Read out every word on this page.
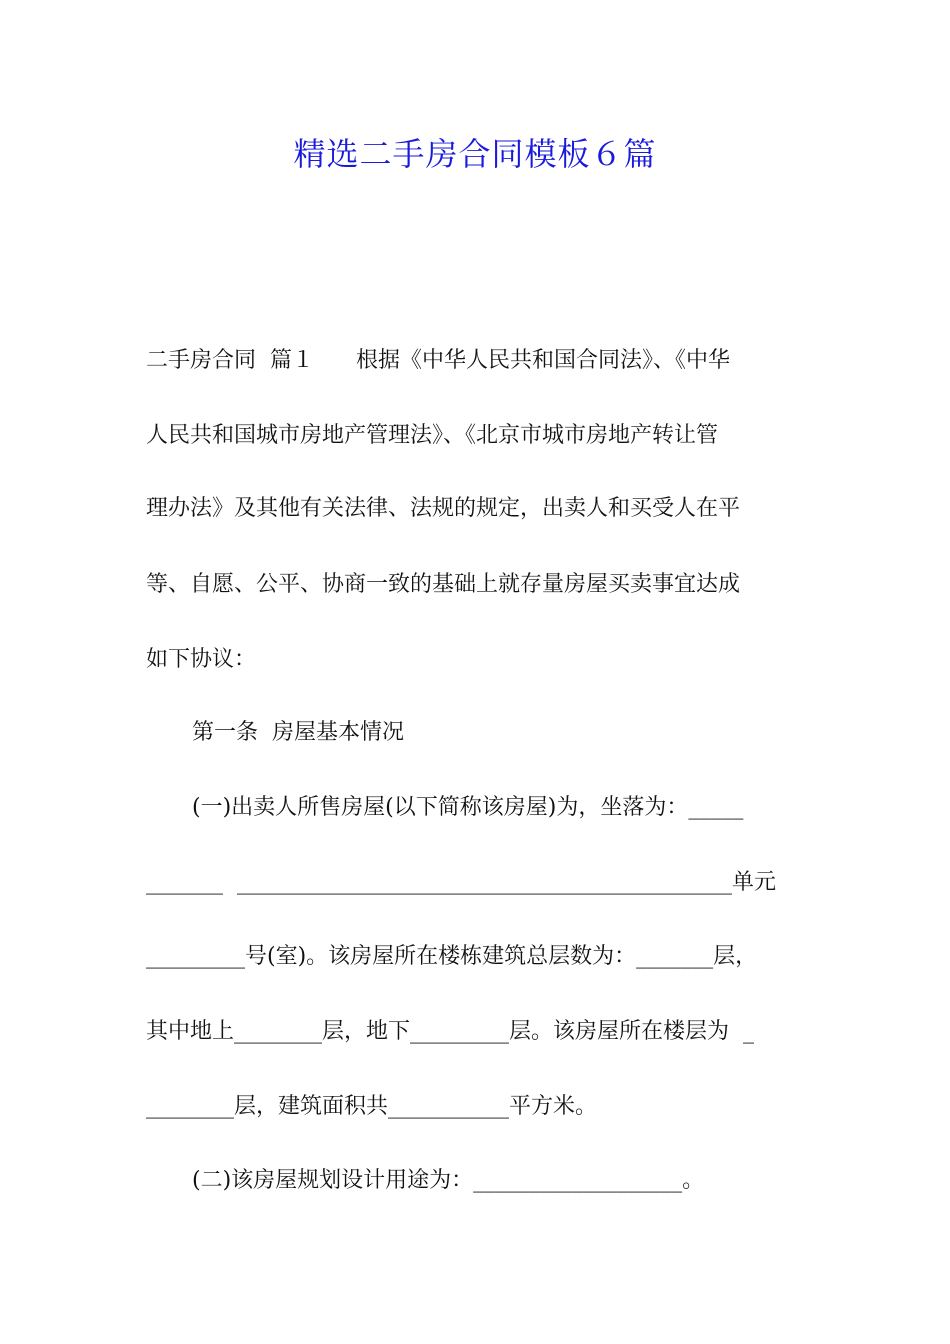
精选二手房合同模板６篇
二手房合同  篇１      根据《中华人民共和国合同法》、《中华
人民共和国城市房地产管理法》、《北京市城市房地产转让管
理办法》及其他有关法律、法规的规定，出卖人和买受人在平
等、自愿、公平、协商一致的基础上就存量房屋买卖事宜达成
如下协议：
第一条  房屋基本情况
(一)出卖人所售房屋(以下简称该房屋)为，坐落为：_____
_______  _____________________________________________单元
_________号(室)。该房屋所在楼栋建筑总层数为：_______层，
其中地上________层，地下_________层。该房屋所在楼层为  _
________层，建筑面积共___________平方米。
(二)该房屋规划设计用途为：___________________。
